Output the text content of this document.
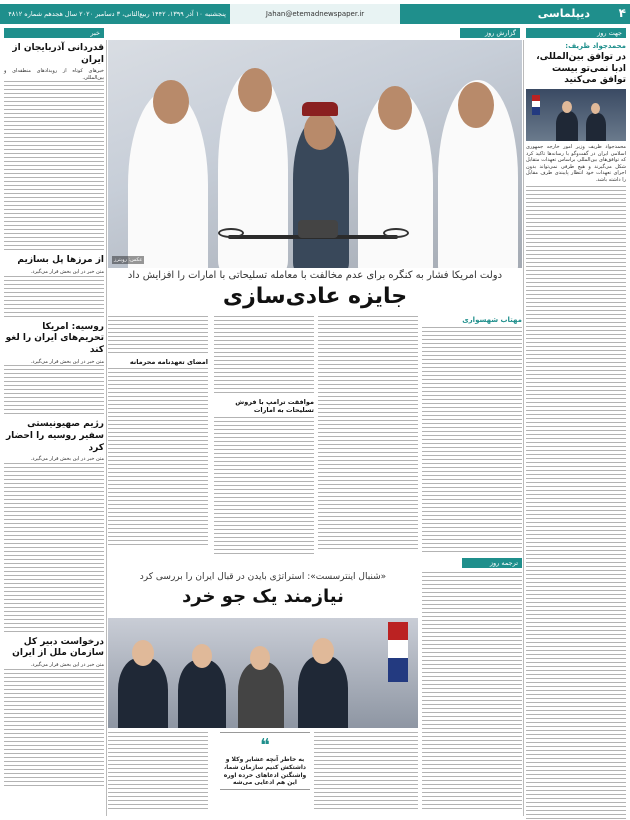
پنجشنبه ۱۰ آذر ۱۳۹۹، ۱۴۴۲ ربیع‌الثانی، ۳ دسامبر ۲۰۲۰ سال هجدهم شماره ۴۸۱۲	Jahan@etemadnewspaper.ir	۴
دیپلماسی
جهت روز
گزارش روز
خبر
محمدجواد ظریف:
در توافق بین‌المللی، ادبا نمی‌تو بیست توافق می‌کنید
محمدجواد ظریف وزیر امور خارجه جمهوری اسلامی ایران در گفت‌وگو با رسانه‌ها تاکید کرد که توافق‌های بین‌المللی براساس تعهدات متقابل شکل می‌گیرند و هیچ طرفی نمی‌تواند بدون اجرای تعهدات خود انتظار پایبندی طرف مقابل را داشته باشد.
قدردانی آذربایجان از ایران
خبرهای کوتاه از رویدادهای منطقه‌ای و بین‌المللی.
از مرزها پل بسازیم
متن خبر در این بخش قرار می‌گیرد.
روسیه: امریکا تحریم‌های ایران را لغو کند
متن خبر در این بخش قرار می‌گیرد.
رژیم صهیونیستی سفیر روسیه را احضار کرد
متن خبر در این بخش قرار می‌گیرد.
درخواست دبیر کل سازمان ملل از ایران
متن خبر در این بخش قرار می‌گیرد.
عکس: رویترز
دولت امریکا فشار به کنگره برای عدم مخالفت با معامله تسلیحاتی با امارات را افزایش داد
جایزه عادی‌سازی
مهتاب شهسواری
موافقت ترامپ با فروش تسلیحات به امارات
امضای تعهدنامه محرمانه
ترجمه روز
«شنبال اینترسست»: استراتژی بایدن در قبال ایران را بررسی کرد
نیازمند یک جو خرد
❝
به خاطر آنچه عشایر وکلا و داشتکش کنیم سازمان شما، واشنگتن ادعاهای خرده اوره این هم ادعایی می‌شه
